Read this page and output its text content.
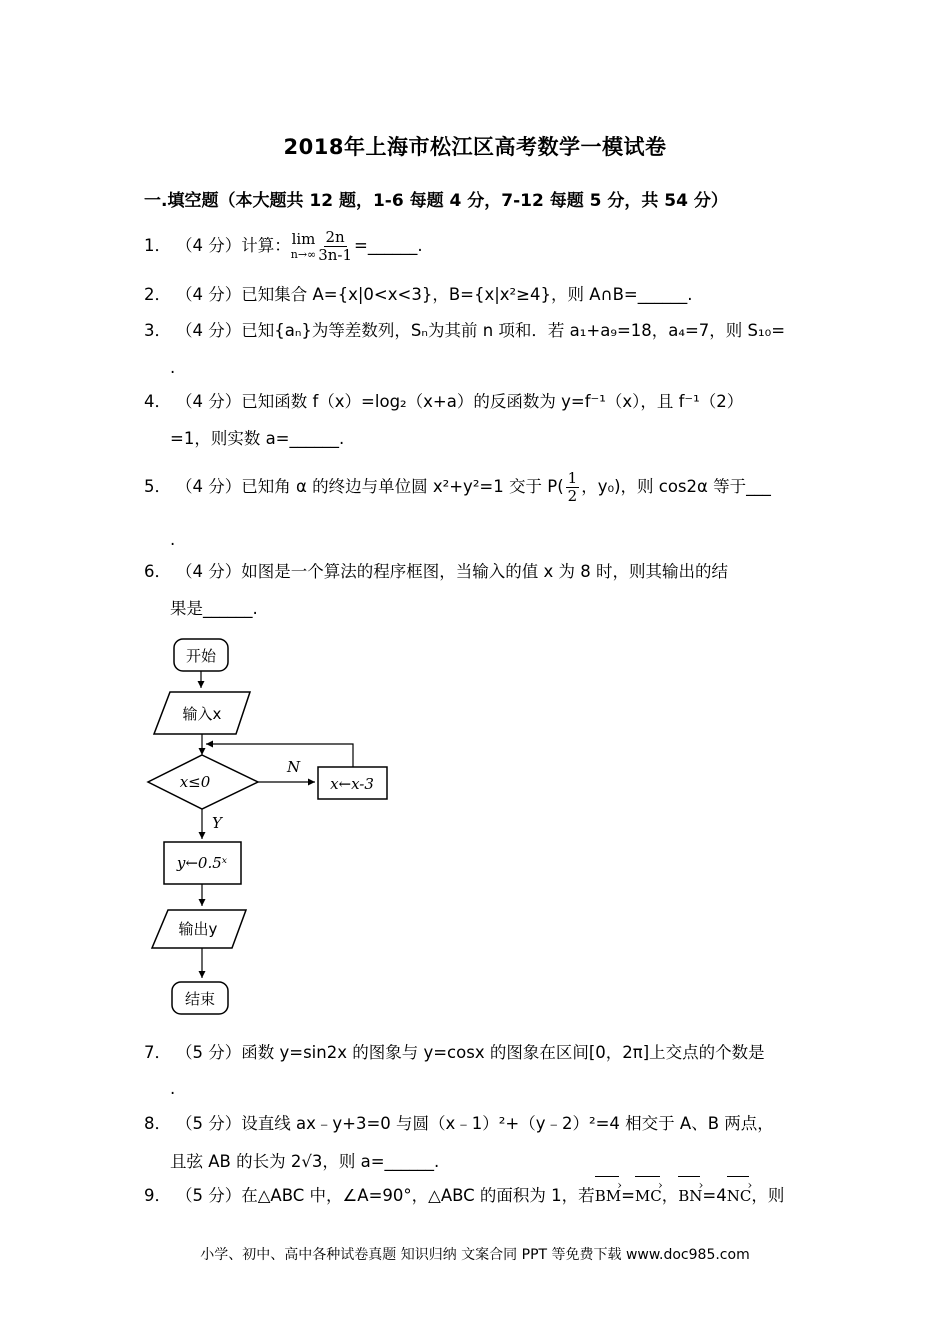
2018年上海市松江区高考数学一模试卷
一.填空题（本大题共 12 题，1-6 每题 4 分，7-12 每题 5 分，共 54 分）
1． （4 分）计算： lim
$n\to\infty \frac{2n}{3n-1}$ =______.
2． （4 分）已知集合 A={x|0<x<3}，B={x|x²≥4}，则 A∩B=______.
3． （4 分）已知{aₙ}为等差数列，Sₙ为其前 n 项和．若 a₁+a₉=18，a₄=7，则 S₁₀=
.
4． （4 分）已知函数 f（x）=log₂（x+a）的反函数为 y=f⁻¹（x），且 f⁻¹（2）
=1，则实数 a=______.
5． （4 分）已知角 α 的终边与单位圆 x²+y²=1 交于 $P( \frac{1}{2}$ ，y₀)，则 cos2α 等于___
.
6． （4 分）如图是一个算法的程序框图，当输入的值 x 为 8 时，则其输出的结
果是______.
开始
输入x
x≤0
N
x←x-3
Y
y←0.5ˣ
输出y
结束
7． （5 分）函数 y=sin2x 的图象与 y=cosx 的图象在区间[0，2π]上交点的个数是
.
8． （5 分）设直线 ax﹣y+3=0 与圆（x﹣1）²+（y﹣2）²=4 相交于 A、B 两点，
且弦 AB 的长为 2√3，则 a=______.
9． （5 分）在△ABC 中，∠A=90°，△ABC 的面积为 1，若BM ›=MC ›，BN ›=4NC ›，则
小学、初中、高中各种试卷真题 知识归纳 文案合同 PPT 等免费下载 www.doc985.com
